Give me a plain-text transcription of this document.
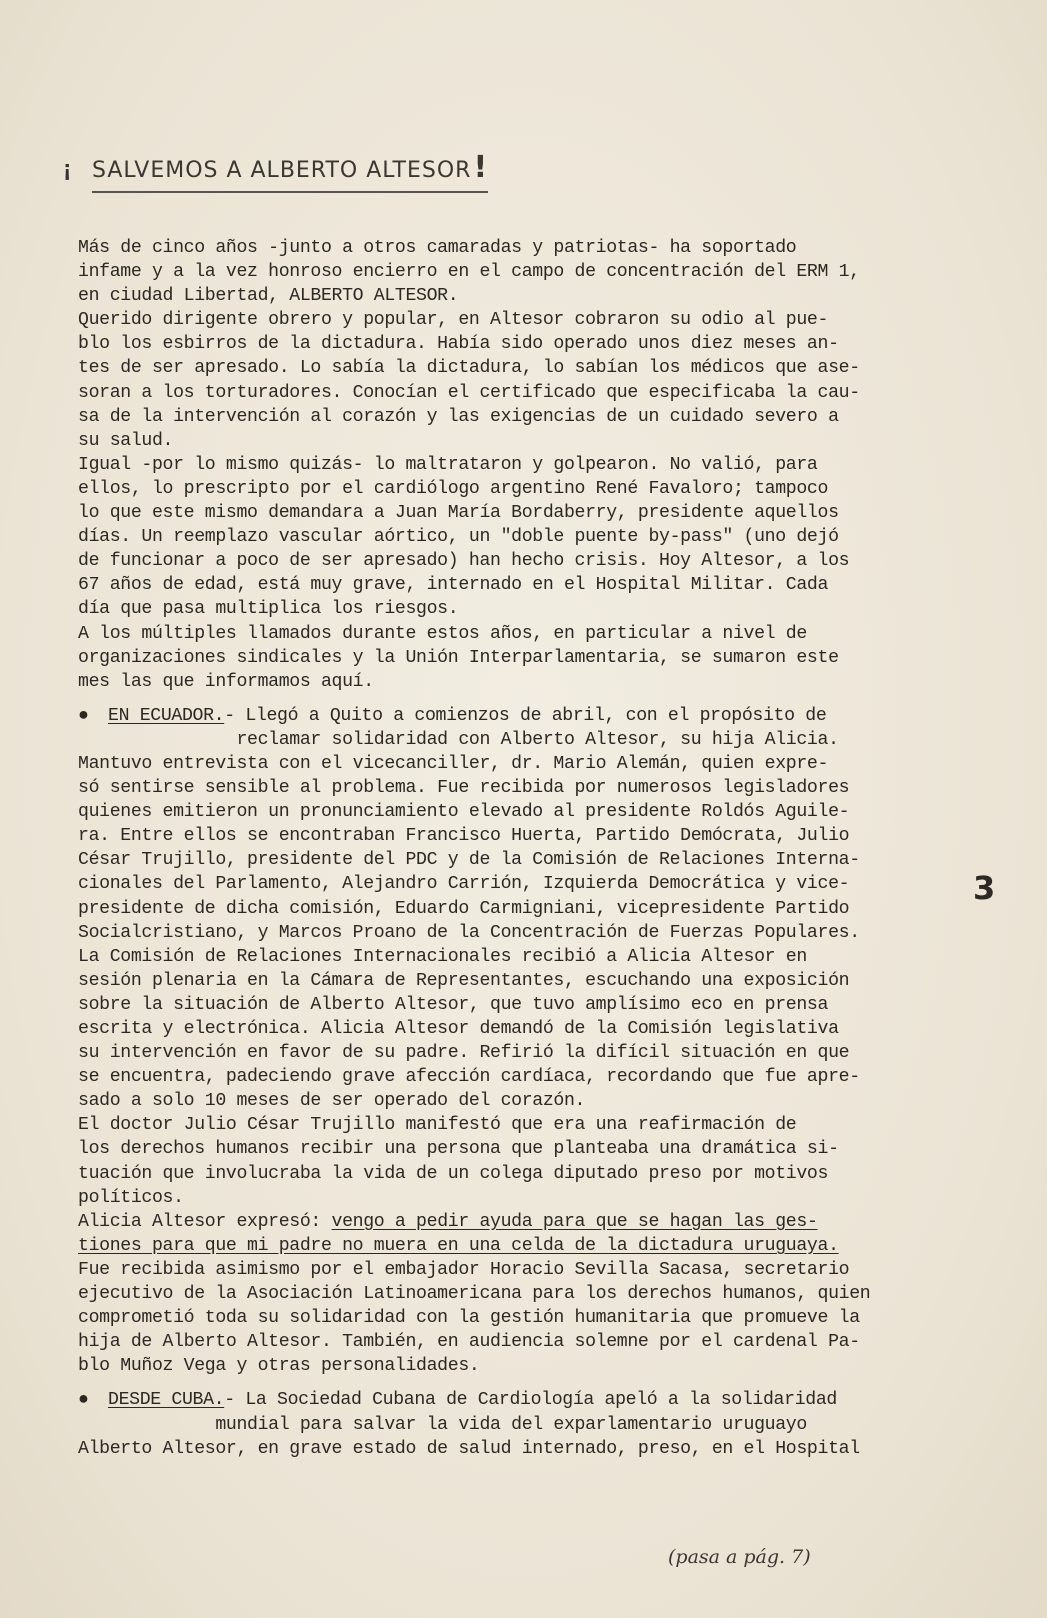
¡ SALVEMOS A ALBERTO ALTESOR!
Más de cinco años -junto a otros camaradas y patriotas- ha soportado
infame y a la vez honroso encierro en el campo de concentración del ERM 1,
en ciudad Libertad, ALBERTO ALTESOR.
Querido dirigente obrero y popular, en Altesor cobraron su odio al pue-
blo los esbirros de la dictadura. Había sido operado unos diez meses an-
tes de ser apresado. Lo sabía la dictadura, lo sabían los médicos que ase-
soran a los torturadores. Conocían el certificado que especificaba la cau-
sa de la intervención al corazón y las exigencias de un cuidado severo a
su salud.
Igual -por lo mismo quizás- lo maltrataron y golpearon. No valió, para
ellos, lo prescripto por el cardiólogo argentino René Favaloro; tampoco
lo que este mismo demandara a Juan María Bordaberry, presidente aquellos
días. Un reemplazo vascular aórtico, un "doble puente by-pass" (uno dejó
de funcionar a poco de ser apresado) han hecho crisis. Hoy Altesor, a los
67 años de edad, está muy grave, internado en el Hospital Militar. Cada
día que pasa multiplica los riesgos.
A los múltiples llamados durante estos años, en particular a nivel de
organizaciones sindicales y la Unión Interparlamentaria, se sumaron este
mes las que informamos aquí.
● EN ECUADOR.- Llegó a Quito a comienzos de abril, con el propósito de
reclamar solidaridad con Alberto Altesor, su hija Alicia.
Mantuvo entrevista con el vicecanciller, dr. Mario Alemán, quien expre-
só sentirse sensible al problema. Fue recibida por numerosos legisladores
quienes emitieron un pronunciamiento elevado al presidente Roldós Aguile-
ra. Entre ellos se encontraban Francisco Huerta, Partido Demócrata, Julio
César Trujillo, presidente del PDC y de la Comisión de Relaciones Interna-
cionales del Parlamento, Alejandro Carrión, Izquierda Democrática y vice-
presidente de dicha comisión, Eduardo Carmigniani, vicepresidente Partido
Socialcristiano, y Marcos Proano de la Concentración de Fuerzas Populares.
La Comisión de Relaciones Internacionales recibió a Alicia Altesor en
sesión plenaria en la Cámara de Representantes, escuchando una exposición
sobre la situación de Alberto Altesor, que tuvo amplísimo eco en prensa
escrita y electrónica. Alicia Altesor demandó de la Comisión legislativa
su intervención en favor de su padre. Refirió la difícil situación en que
se encuentra, padeciendo grave afección cardíaca, recordando que fue apre-
sado a solo 10 meses de ser operado del corazón.
El doctor Julio César Trujillo manifestó que era una reafirmación de
los derechos humanos recibir una persona que planteaba una dramática si-
tuación que involucraba la vida de un colega diputado preso por motivos
políticos.
Alicia Altesor expresó: vengo a pedir ayuda para que se hagan las ges-
tiones para que mi padre no muera en una celda de la dictadura uruguaya.
Fue recibida asimismo por el embajador Horacio Sevilla Sacasa, secretario
ejecutivo de la Asociación Latinoamericana para los derechos humanos, quien
comprometió toda su solidaridad con la gestión humanitaria que promueve la
hija de Alberto Altesor. También, en audiencia solemne por el cardenal Pa-
blo Muñoz Vega y otras personalidades.
● DESDE CUBA.- La Sociedad Cubana de Cardiología apeló a la solidaridad
mundial para salvar la vida del exparlamentario uruguayo
Alberto Altesor, en grave estado de salud internado, preso, en el Hospital
3
(pasa a pág. 7)
